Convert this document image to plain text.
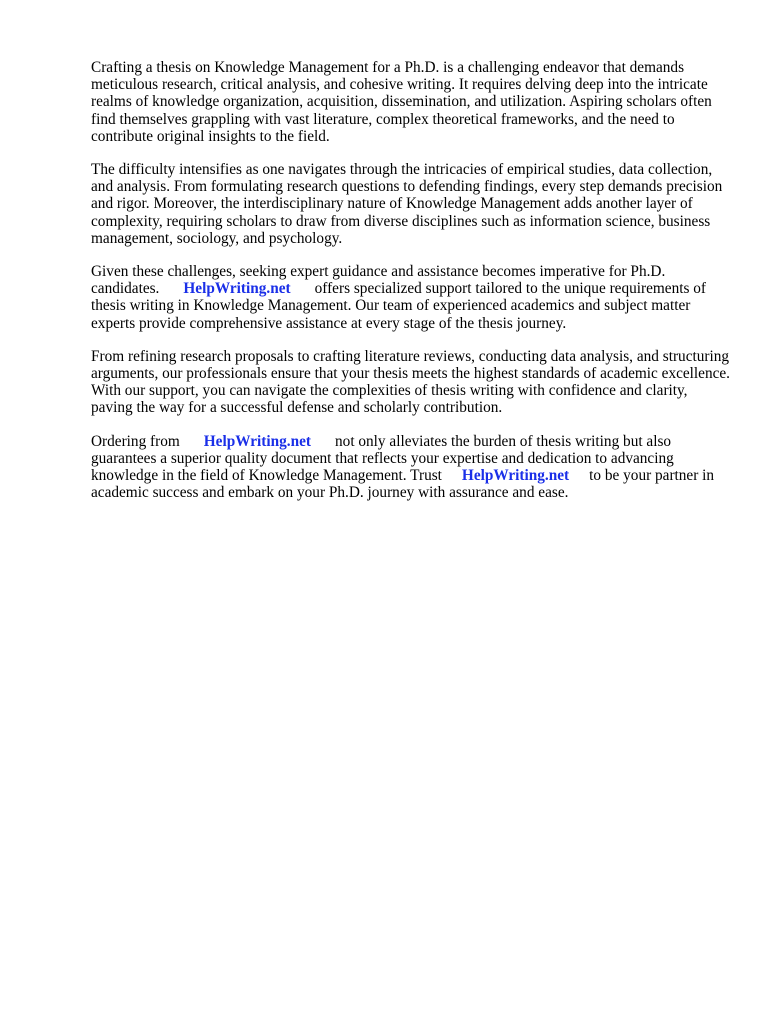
Crafting a thesis on Knowledge Management for a Ph.D. is a challenging endeavor that demands meticulous research, critical analysis, and cohesive writing. It requires delving deep into the intricate realms of knowledge organization, acquisition, dissemination, and utilization. Aspiring scholars often find themselves grappling with vast literature, complex theoretical frameworks, and the need to contribute original insights to the field.

The difficulty intensifies as one navigates through the intricacies of empirical studies, data collection, and analysis. From formulating research questions to defending findings, every step demands precision and rigor. Moreover, the interdisciplinary nature of Knowledge Management adds another layer of complexity, requiring scholars to draw from diverse disciplines such as information science, business management, sociology, and psychology.

Given these challenges, seeking expert guidance and assistance becomes imperative for Ph.D. candidates. HelpWriting.net offers specialized support tailored to the unique requirements of thesis writing in Knowledge Management. Our team of experienced academics and subject matter experts provide comprehensive assistance at every stage of the thesis journey.

From refining research proposals to crafting literature reviews, conducting data analysis, and structuring arguments, our professionals ensure that your thesis meets the highest standards of academic excellence. With our support, you can navigate the complexities of thesis writing with confidence and clarity, paving the way for a successful defense and scholarly contribution.

Ordering from HelpWriting.net not only alleviates the burden of thesis writing but also guarantees a superior quality document that reflects your expertise and dedication to advancing knowledge in the field of Knowledge Management. Trust HelpWriting.net to be your partner in academic success and embark on your Ph.D. journey with assurance and ease.
